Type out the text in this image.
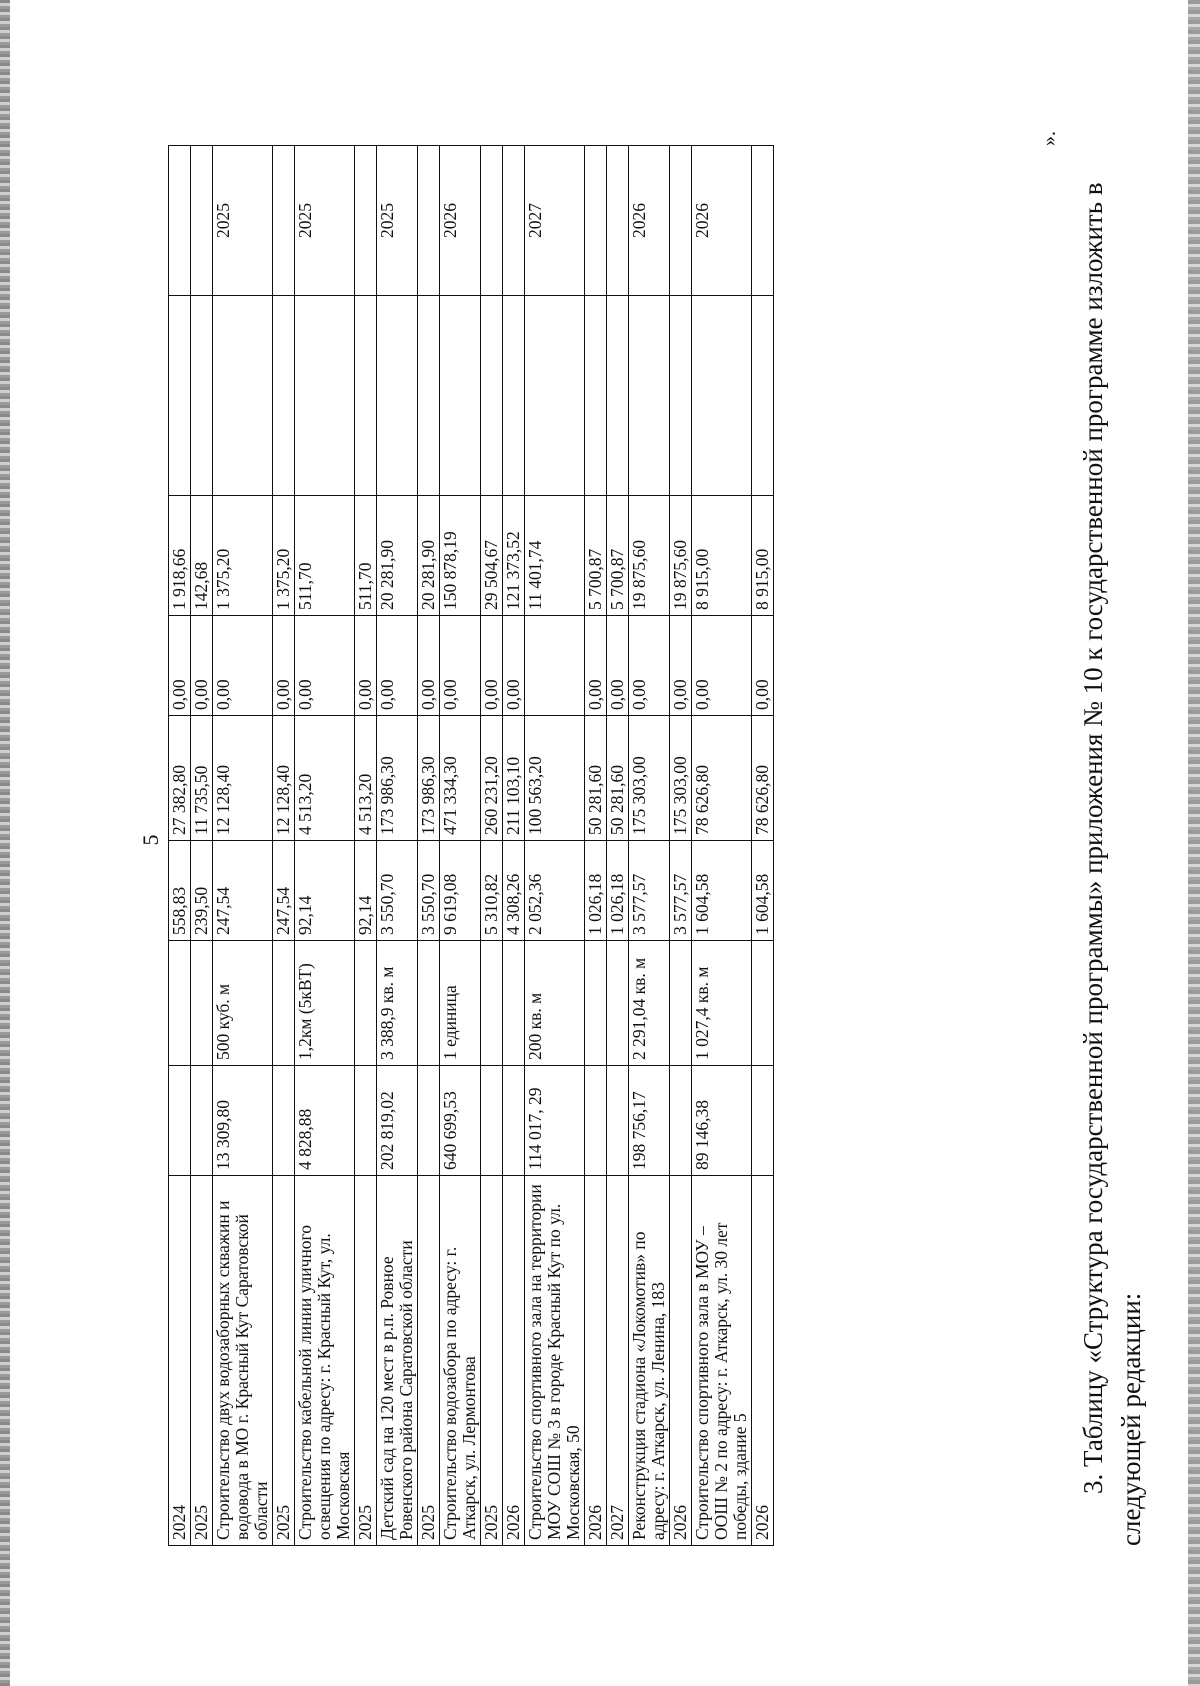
5
2024			558,83	27 382,80	0,00	1 918,66		
2025			239,50	11 735,50	0,00	142,68		
Строительство двух водозаборных скважин и водовода в МО г. Красный Кут Саратовской области	13 309,80	500 куб. м	247,54	12 128,40	0,00	1 375,20		2025
2025			247,54	12 128,40	0,00	1 375,20		
Строительство кабельной линии уличного освещения по адресу: г. Красный Кут, ул. Московская	4 828,88	1,2км (5кВТ)	92,14	4 513,20	0,00	511,70		2025
2025			92,14	4 513,20	0,00	511,70		
Детский сад на 120 мест в р.п. Ровное Ровенского района Саратовской области	202 819,02	3 388,9 кв. м	3 550,70	173 986,30	0,00	20 281,90		2025
2025			3 550,70	173 986,30	0,00	20 281,90		
Строительство водозабора по адресу: г. Аткарск, ул. Лермонтова	640 699,53	1 единица	9 619,08	471 334,30	0,00	150 878,19		2026
2025			5 310,82	260 231,20	0,00	29 504,67		
2026			4 308,26	211 103,10	0,00	121 373,52		
Строительство спортивного зала на территории МОУ СОШ № 3 в городе Красный Кут по ул. Московская, 50	114 017, 29	200 кв. м	2 052,36	100 563,20		11 401,74		2027
2026			1 026,18	50 281,60	0,00	5 700,87		
2027			1 026,18	50 281,60	0,00	5 700,87		
Реконструкция стадиона «Локомотив» по адресу: г. Аткарск, ул. Ленина, 183	198 756,17	2 291,04 кв. м	3 577,57	175 303,00	0,00	19 875,60		2026
2026			3 577,57	175 303,00	0,00	19 875,60		
Строительство спортивного зала в МОУ – ООШ № 2 по адресу: г. Аткарск, ул. 30 лет победы, здание 5	89 146,38	1 027,4 кв. м	1 604,58	78 626,80	0,00	8 915,00		2026
2026			1 604,58	78 626,80	0,00	8 915,00		
».
3. Таблицу «Структура государственной программы» приложения № 10 к государственной программе изложить в следующей редакции:
